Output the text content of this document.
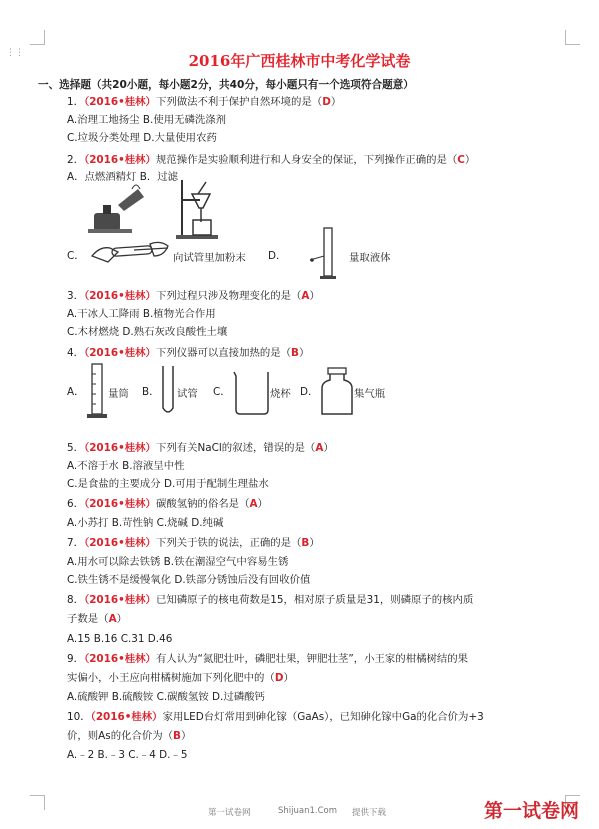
⋮⋮	2016年广西桂林市中考化学试卷
一、选择题（共20小题，每小题2分，共40分，每小题只有一个选项符合题意）
1．（2016•桂林）下列做法不利于保护自然环境的是（D）
A.治理工地扬尘 B.使用无磷洗涤剂
C.垃圾分类处理 D.大量使用农药
2．（2016•桂林）规范操作是实验顺利进行和人身安全的保证，下列操作正确的是（C）
A．点燃酒精灯 B．过滤
C．	向试管里加粉末 D．	量取液体
3．（2016•桂林）下列过程只涉及物理变化的是（A）
A.干冰人工降雨 B.植物光合作用
C.木材燃烧 D.熟石灰改良酸性土壤
4．（2016•桂林）下列仪器可以直接加热的是（B）
A． 量筒 B． 试管 C．	烧杯 D．	集气瓶
5．（2016•桂林）下列有关NaCl的叙述，错误的是（A）
A.不溶于水 B.溶液呈中性
C.是食盐的主要成分 D.可用于配制生理盐水
6．（2016•桂林）碳酸氢钠的俗名是（A）
A.小苏打 B.苛性钠 C.烧碱 D.纯碱
7．（2016•桂林）下列关于铁的说法，正确的是（B）
A.用水可以除去铁锈 B.铁在潮湿空气中容易生锈
C.铁生锈不是缓慢氧化 D.铁部分锈蚀后没有回收价值
8．（2016•桂林）已知磷原子的核电荷数是15，相对原子质量是31，则磷原子的核内质
子数是（A）
A.15 B.16 C.31 D.46
9．（2016•桂林）有人认为“氮肥壮叶，磷肥壮果，钾肥壮茎”，小王家的柑橘树结的果
实偏小，小王应向柑橘树施加下列化肥中的（D）
A.硫酸钾 B.硫酸铵 C.碳酸氢铵 D.过磷酸钙
10．（2016•桂林）家用LED台灯常用到砷化镓（GaAs），已知砷化镓中Ga的化合价为+3
价，则As的化合价为（B）
A.﹣2 B.﹣3 C.﹣4 D.﹣5
第一试卷网	Shijuan1.Com 提供下载	第一试卷网
